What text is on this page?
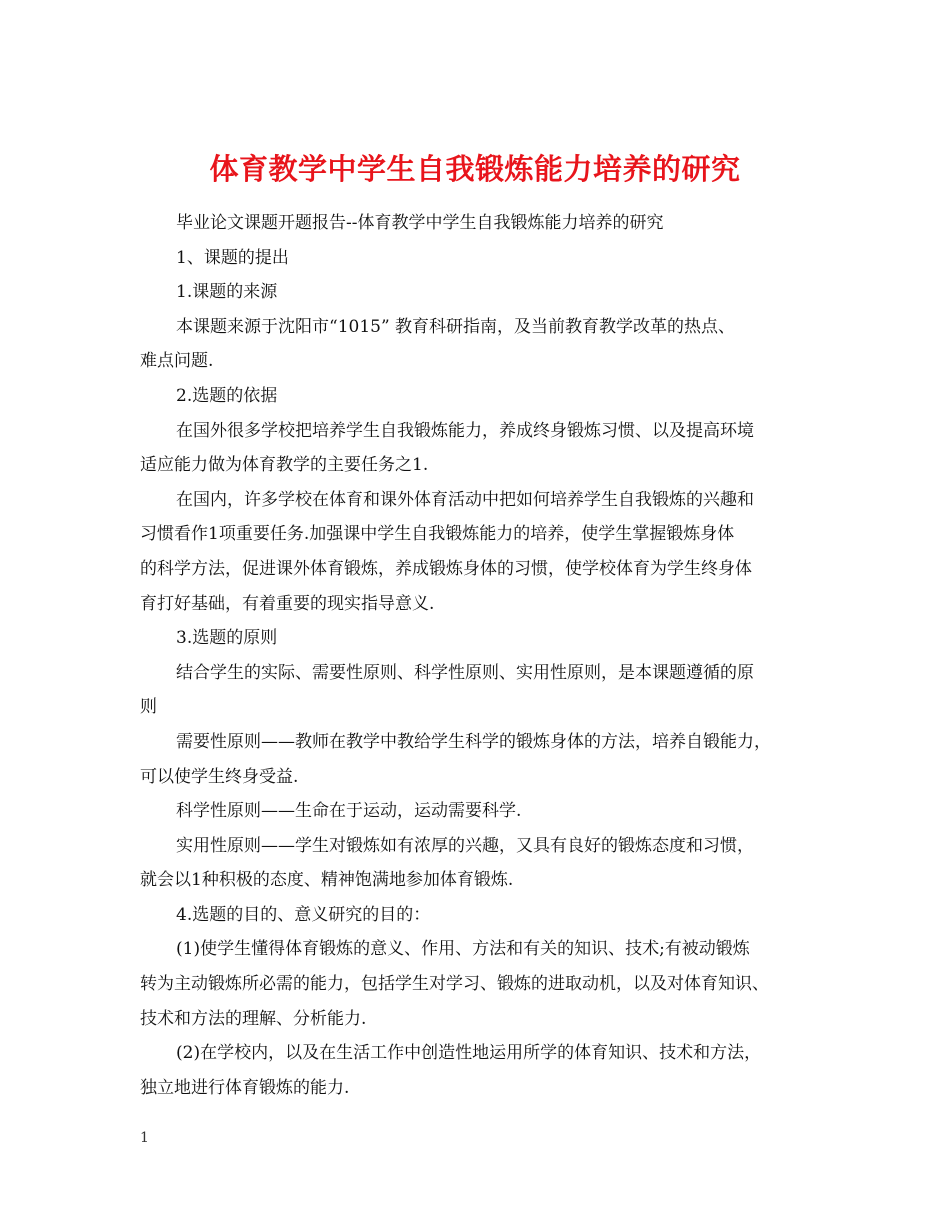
体育教学中学生自我锻炼能力培养的研究

毕业论文课题开题报告--体育教学中学生自我锻炼能力培养的研究

1、课题的提出

1.课题的来源

本课题来源于沈阳市“1015” 教育科研指南，及当前教育教学改革的热点、

难点问题.

2.选题的依据

在国外很多学校把培养学生自我锻炼能力，养成终身锻炼习惯、以及提高环境

适应能力做为体育教学的主要任务之1.

在国内，许多学校在体育和课外体育活动中把如何培养学生自我锻炼的兴趣和

习惯看作1项重要任务.加强课中学生自我锻炼能力的培养，使学生掌握锻炼身体

的科学方法，促进课外体育锻炼，养成锻炼身体的习惯，使学校体育为学生终身体

育打好基础，有着重要的现实指导意义.

3.选题的原则

结合学生的实际、需要性原则、科学性原则、实用性原则，是本课题遵循的原

则

需要性原则——教师在教学中教给学生科学的锻炼身体的方法，培养自锻能力，

可以使学生终身受益.

科学性原则——生命在于运动，运动需要科学.

实用性原则——学生对锻炼如有浓厚的兴趣，又具有良好的锻炼态度和习惯，

就会以1种积极的态度、精神饱满地参加体育锻炼.

4.选题的目的、意义研究的目的：

(1)使学生懂得体育锻炼的意义、作用、方法和有关的知识、技术;有被动锻炼

转为主动锻炼所必需的能力，包括学生对学习、锻炼的进取动机，以及对体育知识、

技术和方法的理解、分析能力.

(2)在学校内，以及在生活工作中创造性地运用所学的体育知识、技术和方法，

独立地进行体育锻炼的能力.

1
